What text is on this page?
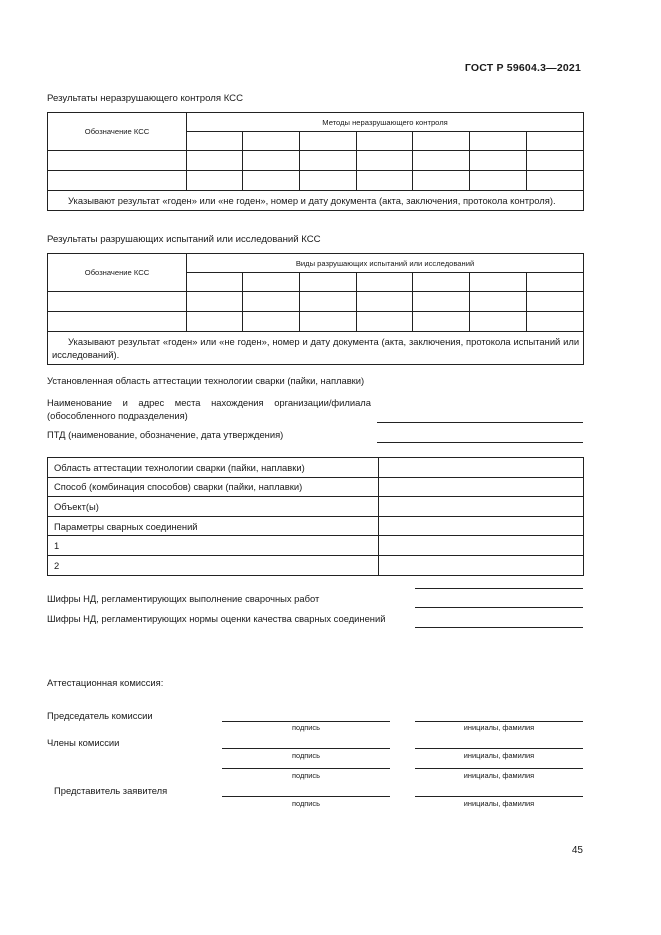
ГОСТ Р 59604.3—2021
Результаты неразрушающего контроля КСС
Обозначение КСС	Методы неразрушающего контроля						

Указывают результат «годен» или «не годен», номер и дату документа (акта, заключения, протокола контроля).							
Результаты разрушающих испытаний или исследований КСС
Обозначение КСС	Виды разрушающих испытаний или исследований						

Указывают результат «годен» или «не годен», номер и дату документа (акта, заключения, протокола испытаний или исследований).							
Установленная область аттестации технологии сварки (пайки, наплавки)
Наименование и адрес места нахождения организации/филиала (обособленного подразделения)
ПТД (наименование, обозначение, дата утверждения)
Область аттестации технологии сварки (пайки, наплавки)	
Способ (комбинация способов) сварки (пайки, наплавки)	
Объект(ы)	
Параметры сварных соединений	
1	
2	
Шифры НД, регламентирующих выполнение сварочных работ
Шифры НД, регламентирующих нормы оценки качества сварных соединений
Аттестационная комиссия:
Председатель комиссии
подпись	инициалы, фамилия
Члены комиссии
подпись	инициалы, фамилия
подпись	инициалы, фамилия
Представитель заявителя
подпись	инициалы, фамилия
45
